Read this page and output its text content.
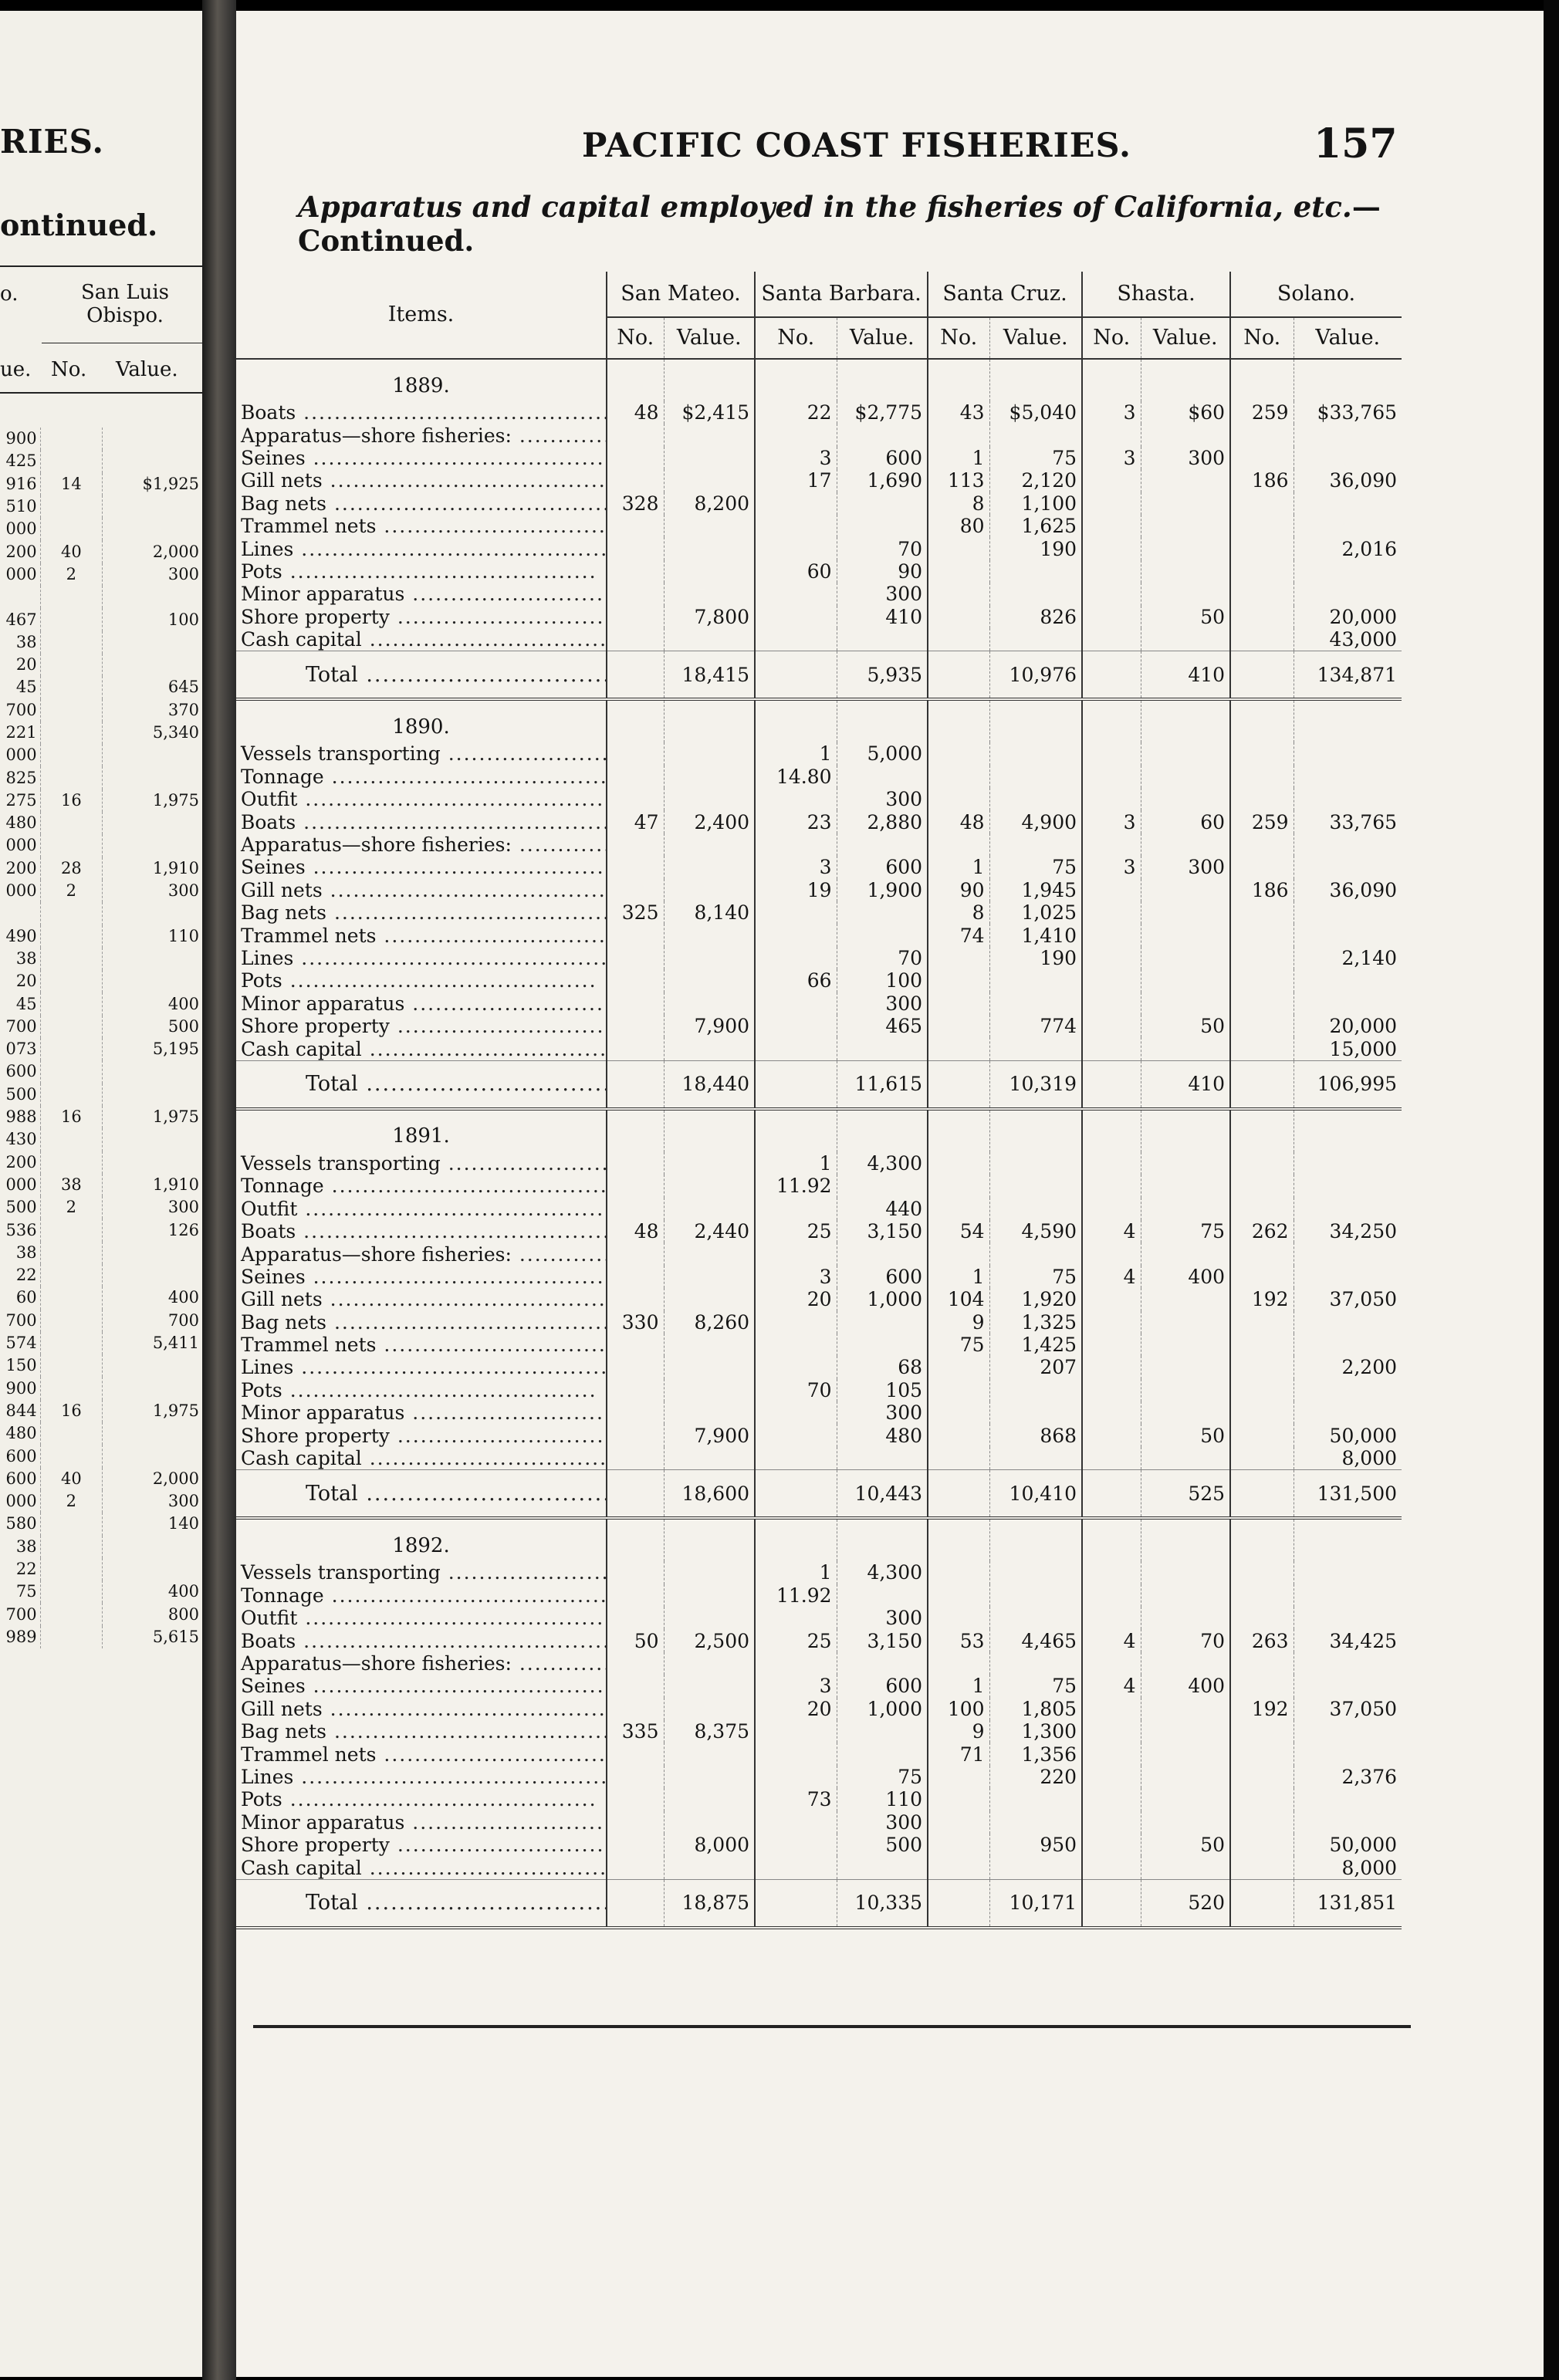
RIES.
ontinued.
o.	San Luis Obispo.
ue. No. Value.
900		
425		
916	14	$1,925
510		
000		
200	40	2,000
000	2	300

467		100
38		
20		
45		645
700		370
221		5,340
000		
825		
275	16	1,975
480		
000		
200	28	1,910
000	2	300

490		110
38		
20		
45		400
700		500
073		5,195
600		
500		
988	16	1,975
430		
200		
000	38	1,910
500	2	300
536		126
38		
22		
60		400
700		700
574		5,411
150		
900		
844	16	1,975
480		
600		
600	40	2,000
000	2	300
580		140
38		
22		
75		400
700		800
989		5,615
PACIFIC COAST FISHERIES.	157
Apparatus and capital employed in the fisheries of California, etc.—Continued.
Items.	San Mateo.		Santa Barbara.		Santa Cruz.		Shasta.		Solano.	
	No.	Value.	No.	Value.	No.	Value.	No.	Value.	No.	Value.
1889.										
Boats .....	48	$2,415	22	$2,775	43	$5,040	3	$60	259	$33,765
Apparatus—shore fisheries: .....										
Seines .....			3	600	1	75	3	300		
Gill nets .....			17	1,690	113	2,120			186	36,090
Bag nets .....	328	8,200			8	1,100				
Trammel nets .....					80	1,625				
Lines .....				70		190				2,016
Pots .....			60	90						
Minor apparatus .....				300						
Shore property .....		7,800		410		826		50		20,000
Cash capital .....										43,000
Total .....		18,415		5,935		10,976		410		134,871
1890.										
Vessels transporting .....			1	5,000						
Tonnage .....			14.80							
Outfit .....				300						
Boats .....	47	2,400	23	2,880	48	4,900	3	60	259	33,765
Apparatus—shore fisheries: .....										
Seines .....			3	600	1	75	3	300		
Gill nets .....			19	1,900	90	1,945			186	36,090
Bag nets .....	325	8,140			8	1,025				
Trammel nets .....					74	1,410				
Lines .....				70		190				2,140
Pots .....			66	100						
Minor apparatus .....				300						
Shore property .....		7,900		465		774		50		20,000
Cash capital .....										15,000
Total .....		18,440		11,615		10,319		410		106,995
1891.										
Vessels transporting .....			1	4,300						
Tonnage .....			11.92							
Outfit .....				440						
Boats .....	48	2,440	25	3,150	54	4,590	4	75	262	34,250
Apparatus—shore fisheries: .....										
Seines .....			3	600	1	75	4	400		
Gill nets .....			20	1,000	104	1,920			192	37,050
Bag nets .....	330	8,260			9	1,325				
Trammel nets .....					75	1,425				
Lines .....				68		207				2,200
Pots .....			70	105						
Minor apparatus .....				300						
Shore property .....		7,900		480		868		50		50,000
Cash capital .....										8,000
Total .....		18,600		10,443		10,410		525		131,500
1892.										
Vessels transporting .....			1	4,300						
Tonnage .....			11.92							
Outfit .....				300						
Boats .....	50	2,500	25	3,150	53	4,465	4	70	263	34,425
Apparatus—shore fisheries: .....										
Seines .....			3	600	1	75	4	400		
Gill nets .....			20	1,000	100	1,805			192	37,050
Bag nets .....	335	8,375			9	1,300				
Trammel nets .....					71	1,356				
Lines .....				75		220				2,376
Pots .....			73	110						
Minor apparatus .....				300						
Shore property .....		8,000		500		950		50		50,000
Cash capital .....										8,000
Total .....		18,875		10,335		10,171		520		131,851
